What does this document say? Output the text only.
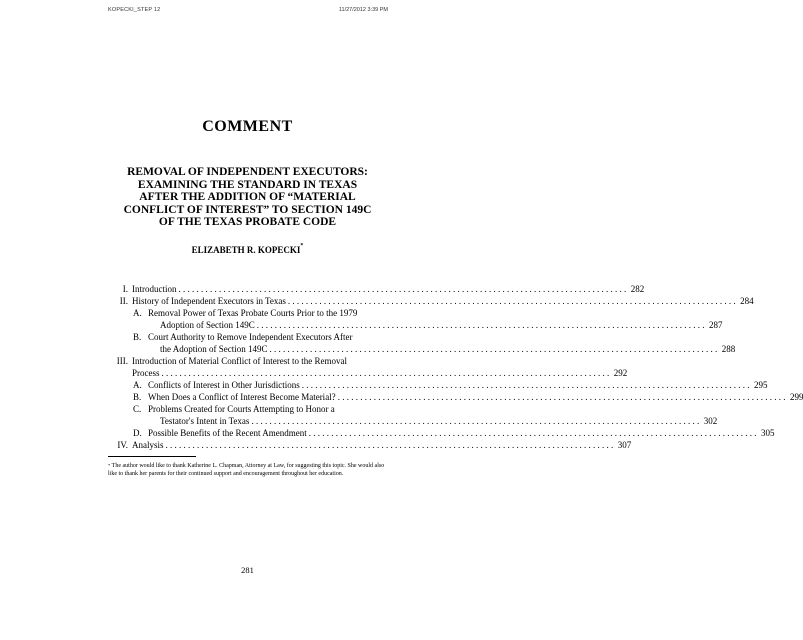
KOPECKI_STEP 12	11/27/2012 3:39 PM
COMMENT
REMOVAL OF INDEPENDENT EXECUTORS:
EXAMINING THE STANDARD IN TEXAS
AFTER THE ADDITION OF “MATERIAL
CONFLICT OF INTEREST” TO SECTION 149C
OF THE TEXAS PROBATE CODE
ELIZABETH R. KOPECKI*
I. Introduction . . .	282
II. History of Independent Executors in Texas . . .	284
A. Removal Power of Texas Probate Courts Prior to the 1979
Adoption of Section 149C . . .	287
B. Court Authority to Remove Independent Executors After
the Adoption of Section 149C . . .	288
III. Introduction of Material Conflict of Interest to the Removal
Process . . .	292
A. Conflicts of Interest in Other Jurisdictions . . .	295
B. When Does a Conflict of Interest Become Material? . . .	299
C. Problems Created for Courts Attempting to Honor a
Testator's Intent in Texas . . .	302
D. Possible Benefits of the Recent Amendment . . .	305
IV. Analysis . . .	307
* The author would like to thank Katherine L. Chapman, Attorney at Law, for suggesting this topic. She would also like to thank her parents for their continued support and encouragement throughout her education.
281
